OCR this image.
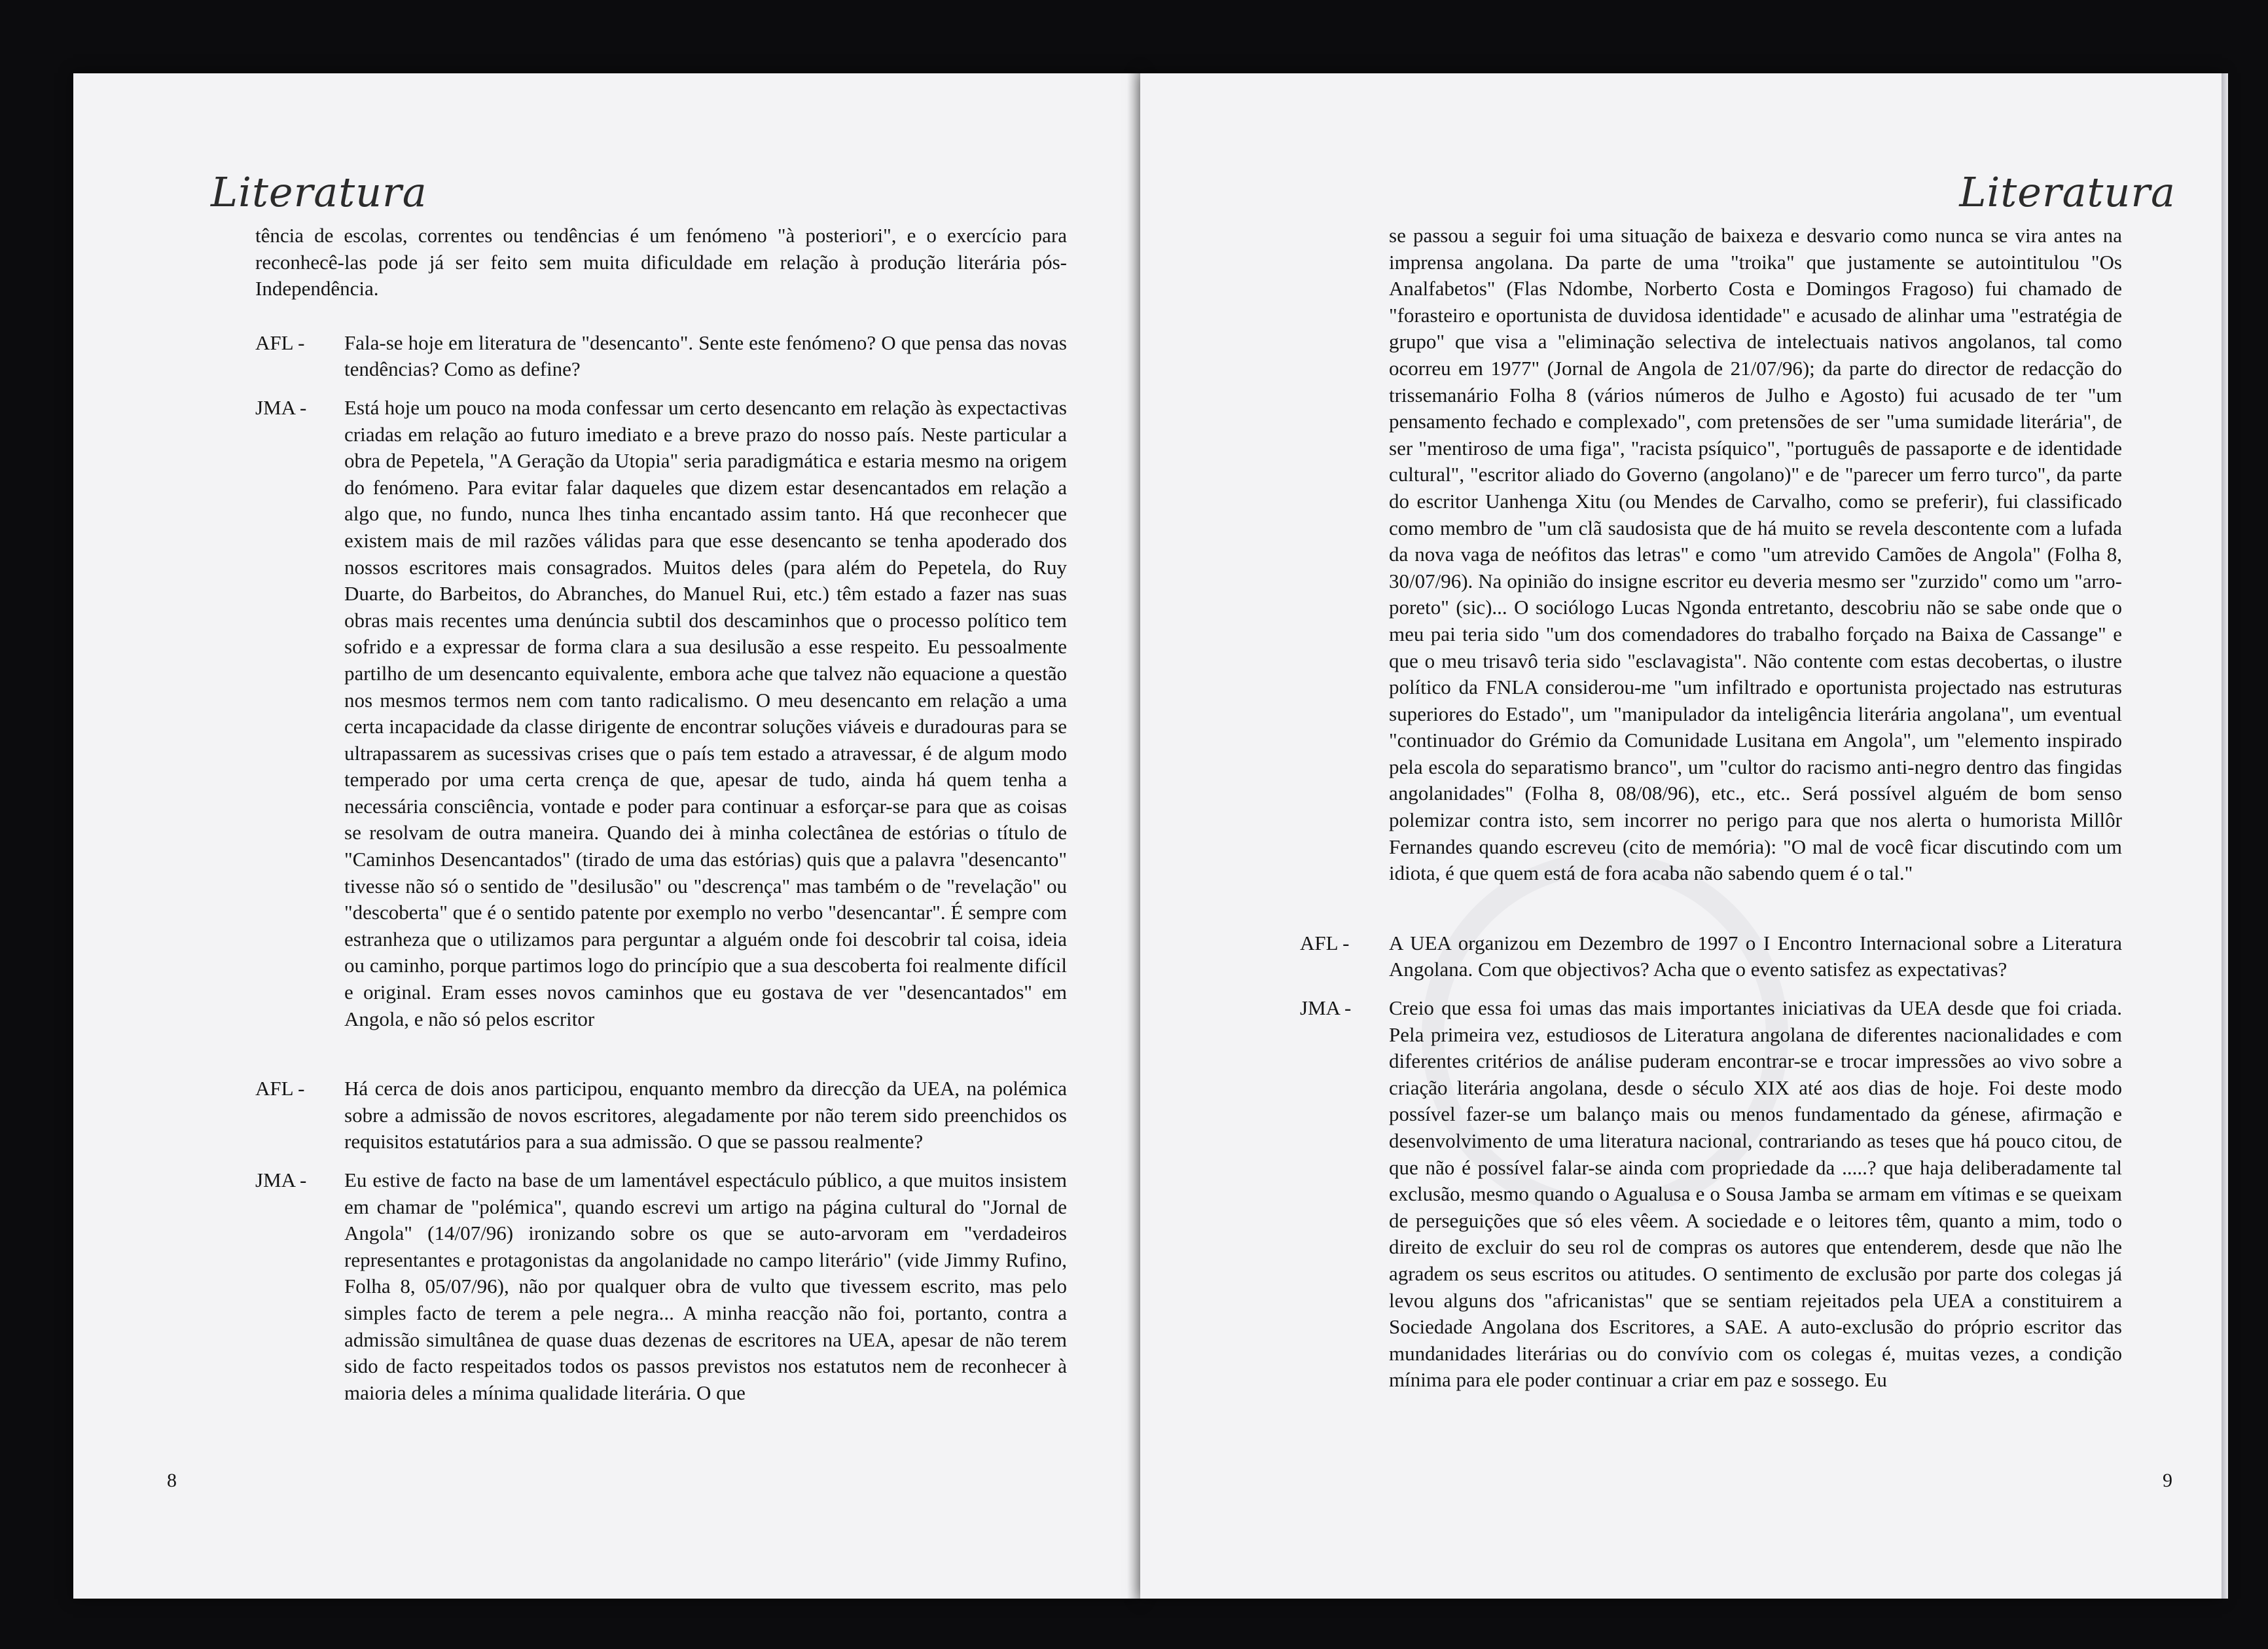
Literatura

tência de escolas, correntes ou tendências é um fenómeno "à posteriori", e o exercício para reconhecê-las pode já ser feito sem muita dificuldade em relação à produção literária pós-Independência.

AFL - Fala-se hoje em literatura de "desencanto". Sente este fenómeno? O que pensa das novas tendências? Como as define?
JMA - Está hoje um pouco na moda confessar um certo desencanto em relação às expectactivas criadas em relação ao futuro imediato e a breve prazo do nosso país. Neste particular a obra de Pepetela, "A Geração da Utopia" seria paradigmática e estaria mesmo na origem do fenómeno. Para evitar falar daqueles que dizem estar desencantados em relação a algo que, no fundo, nunca lhes tinha encantado assim tanto. Há que reconhecer que existem mais de mil razões válidas para que esse desencanto se tenha apoderado dos nossos escritores mais consagrados. Muitos deles (para além do Pepetela, do Ruy Duarte, do Barbeitos, do Abranches, do Manuel Rui, etc.) têm estado a fazer nas suas obras mais recentes uma denúncia subtil dos descaminhos que o processo político tem sofrido e a expressar de forma clara a sua desilusão a esse respeito. Eu pessoalmente partilho de um desencanto equivalente, embora ache que talvez não equacione a questão nos mesmos termos nem com tanto radicalismo. O meu desencanto em relação a uma certa incapacidade da classe dirigente de encontrar soluções viáveis e duradouras para se ultrapassarem as sucessivas crises que o país tem estado a atravessar, é de algum modo temperado por uma certa crença de que, apesar de tudo, ainda há quem tenha a necessária consciência, vontade e poder para continuar a esforçar-se para que as coisas se resolvam de outra maneira. Quando dei à minha colectânea de estórias o título de "Caminhos Desencantados" (tirado de uma das estórias) quis que a palavra "desencanto" tivesse não só o sentido de "desilusão" ou "descrença" mas também o de "revelação" ou "descoberta" que é o sentido patente por exemplo no verbo "desencantar". É sempre com estranheza que o utilizamos para perguntar a alguém onde foi descobrir tal coisa, ideia ou caminho, porque partimos logo do princípio que a sua descoberta foi realmente difícil e original. Eram esses novos caminhos que eu gostava de ver "desencantados" em Angola, e não só pelos escritor
AFL - Há cerca de dois anos participou, enquanto membro da direcção da UEA, na polémica sobre a admissão de novos escritores, alegadamente por não terem sido preenchidos os requisitos estatutários para a sua admissão. O que se passou realmente?
JMA - Eu estive de facto na base de um lamentável espectáculo público, a que muitos insistem em chamar de "polémica", quando escrevi um artigo na página cultural do "Jornal de Angola" (14/07/96) ironizando sobre os que se auto-arvoram em "verdadeiros representantes e protagonistas da angolanidade no campo literário" (vide Jimmy Rufino, Folha 8, 05/07/96), não por qualquer obra de vulto que tivessem escrito, mas pelo simples facto de terem a pele negra... A minha reacção não foi, portanto, contra a admissão simultânea de quase duas dezenas de escritores na UEA, apesar de não terem sido de facto respeitados todos os passos previstos nos estatutos nem de reconhecer à maioria deles a mínima qualidade literária. O que
8
Literatura
se passou a seguir foi uma situação de baixeza e desvario como nunca se vira antes na imprensa angolana. Da parte de uma "troika" que justamente se autointitulou "Os Analfabetos" (Flas Ndombe, Norberto Costa e Domingos Fragoso) fui chamado de "forasteiro e oportunista de duvidosa identidade" e acusado de alinhar uma "estratégia de grupo" que visa a "eliminação selectiva de intelectuais nativos angolanos, tal como ocorreu em 1977" (Jornal de Angola de 21/07/96); da parte do director de redacção do trissemanário Folha 8 (vários números de Julho e Agosto) fui acusado de ter "um pensamento fechado e complexado", com pretensões de ser "uma sumidade literária", de ser "mentiroso de uma figa", "racista psíquico", "português de passaporte e de identidade cultural", "escritor aliado do Governo (angolano)" e de "parecer um ferro turco", da parte do escritor Uanhenga Xitu (ou Mendes de Carvalho, como se preferir), fui classificado como membro de "um clã saudosista que de há muito se revela descontente com a lufada da nova vaga de neófitos das letras" e como "um atrevido Camões de Angola" (Folha 8, 30/07/96). Na opinião do insigne escritor eu deveria mesmo ser "zurzido" como um "arro-poreto" (sic)... O sociólogo Lucas Ngonda entretanto, descobriu não se sabe onde que o meu pai teria sido "um dos comendadores do trabalho forçado na Baixa de Cassange" e que o meu trisavô teria sido "esclavagista". Não contente com estas decobertas, o ilustre político da FNLA considerou-me "um infiltrado e oportunista projectado nas estruturas superiores do Estado", um "manipulador da inteligência literária angolana", um eventual "continuador do Grémio da Comunidade Lusitana em Angola", um "elemento inspirado pela escola do separatismo branco", um "cultor do racismo anti-negro dentro das fingidas angolanidades" (Folha 8, 08/08/96), etc., etc.. Será possível alguém de bom senso polemizar contra isto, sem incorrer no perigo para que nos alerta o humorista Millôr Fernandes quando escreveu (cito de memória): "O mal de você ficar discutindo com um idiota, é que quem está de fora acaba não sabendo quem é o tal."
AFL - A UEA organizou em Dezembro de 1997 o I Encontro Internacional sobre a Literatura Angolana. Com que objectivos? Acha que o evento satisfez as expectativas?
JMA - Creio que essa foi umas das mais importantes iniciativas da UEA desde que foi criada. Pela primeira vez, estudiosos de Literatura angolana de diferentes nacionalidades e com diferentes critérios de análise puderam encontrar-se e trocar impressões ao vivo sobre a criação literária angolana, desde o século XIX até aos dias de hoje. Foi deste modo possível fazer-se um balanço mais ou menos fundamentado da génese, afirmação e desenvolvimento de uma literatura nacional, contrariando as teses que há pouco citou, de que não é possível falar-se ainda com propriedade da .....? que haja deliberadamente tal exclusão, mesmo quando o Agualusa e o Sousa Jamba se armam em vítimas e se queixam de perseguições que só eles vêem. A sociedade e o leitores têm, quanto a mim, todo o direito de excluir do seu rol de compras os autores que entenderem, desde que não lhe agradem os seus escritos ou atitudes. O sentimento de exclusão por parte dos colegas já levou alguns dos "africanistas" que se sentiam rejeitados pela UEA a constituirem a Sociedade Angolana dos Escritores, a SAE. A auto-exclusão do próprio escritor das mundanidades literárias ou do convívio com os colegas é, muitas vezes, a condição mínima para ele poder continuar a criar em paz e sossego. Eu
9
